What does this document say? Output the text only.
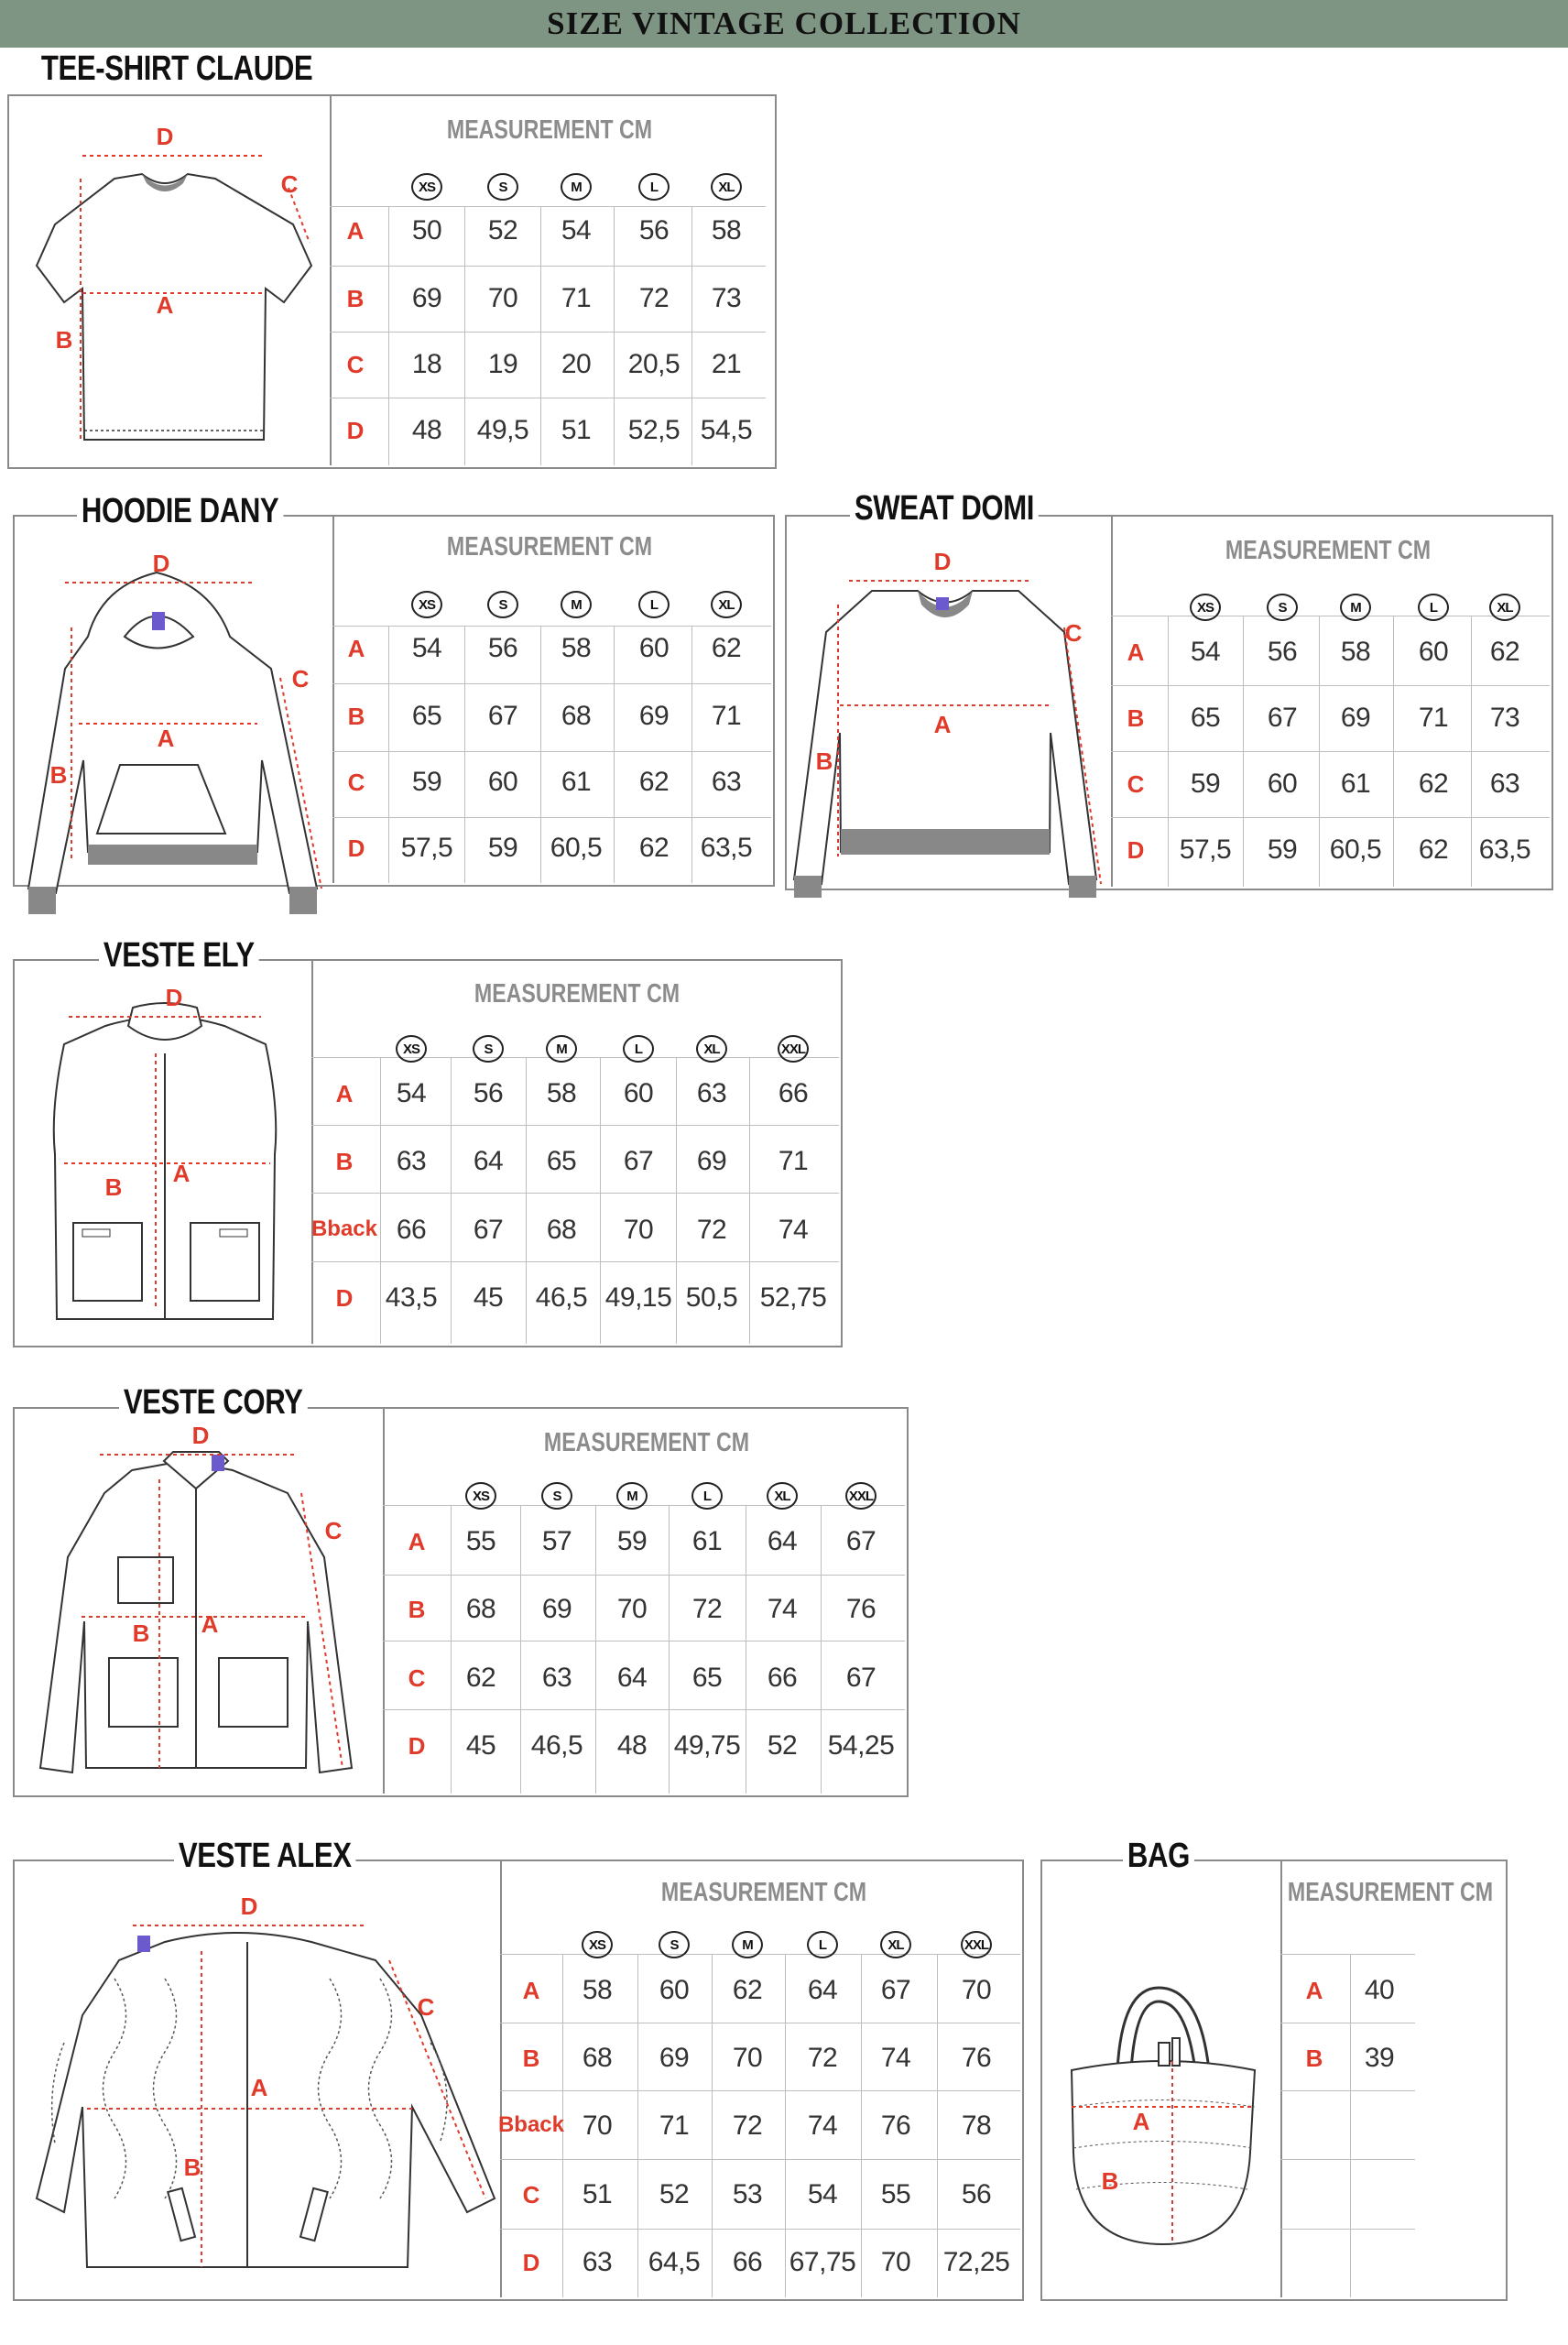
SIZE VINTAGE COLLECTION
TEE-SHIRT CLAUDE
MEASUREMENT CM
XS	S	M	L	XL
A	50	52	54	56	58
B	69	70	71	72	73
C	18	19	20	20,5	21
D	48	49,5	51	52,5 54,5
HOODIE DANY
MEASUREMENT CM
XS	S	M	L	XL
A	54	56	58	60	62
B	65	67	68	69	71
C	59	60	61	62	63
D	57,5	59	60,5	62	63,5
SWEAT DOMI
MEASUREMENT CM
XS	S	M	L	XL
A	54	56	58	60	62
B	65	67	69	71	73
C	59	60	61	62	63
D	57,5	59	60,5	62	63,5
VESTE ELY
MEASUREMENT CM
XS	S	M	L	XL	XXL
A	54	56	58	60	63	66
B	63	64	65	67	69	71
Bback 66	67	68	70	72	74
D	43,5	45	46,5 49,15 50,5 52,75
VESTE CORY
MEASUREMENT CM
XS	S	M	L	XL	XXL
A	55	57	59	61	64	67
B	68	69	70	72	74	76
C	62	63	64	65	66	67
D	45	46,5	48 49,75 52	54,25
VESTE ALEX
MEASUREMENT CM
XS	S	M	L	XL	XXL
A	58	60	62	64	67	70
B	68	69	70	72	74	76
Bback 70	71	72	74	76	78
C	51	52	53	54	55	56
D	63	64,5	66 67,75 70	72,25
BAG
MEASUREMENT CM
A	40
B	39
D
C
A
B
D
C
A
B
D
C
A
B
D
B A
D
C
B A
D
C
B
A
A
B
